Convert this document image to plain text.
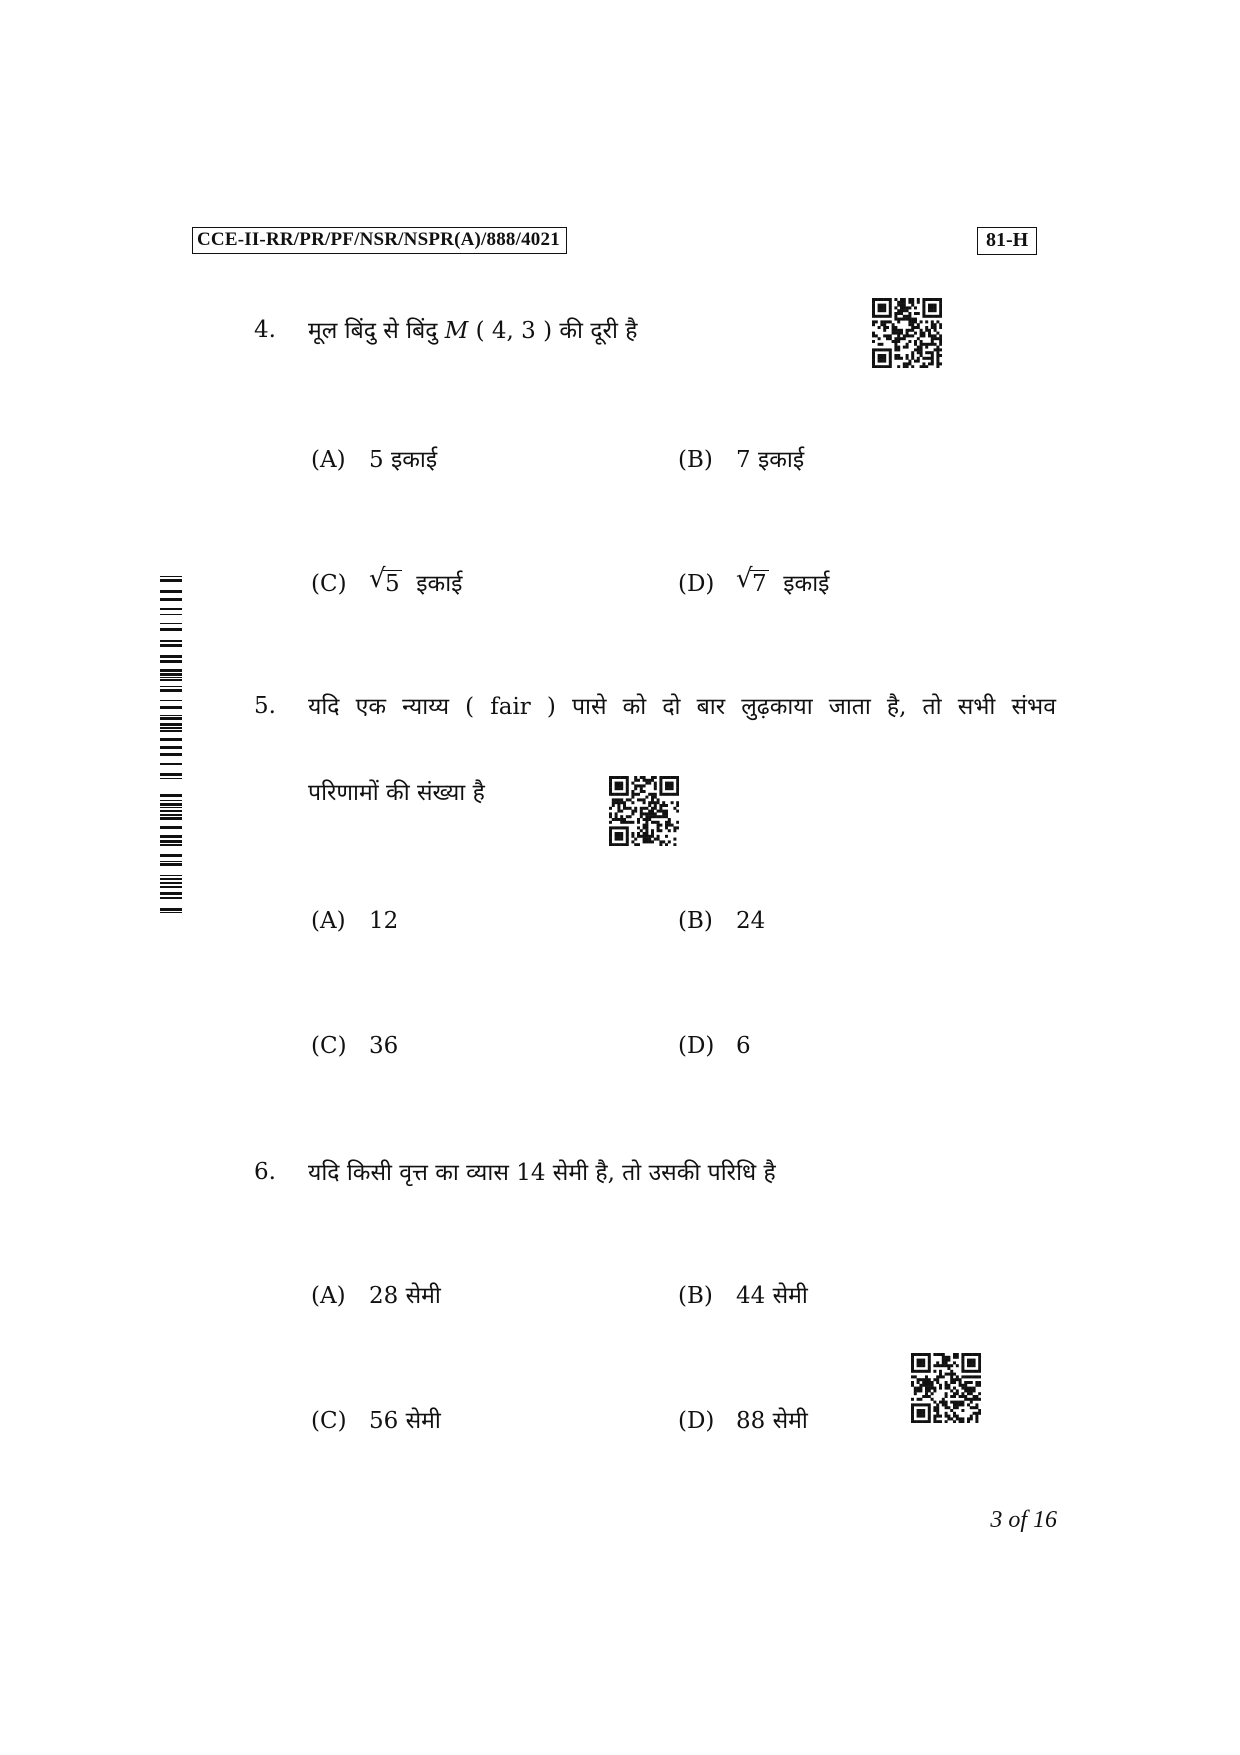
CCE-II-RR/PR/PF/NSR/NSPR(A)/888/4021	81-H
4. मूल बिंदु से बिंदु M ( 4, 3 ) की दूरी है
(A) 5 इकाई	(B) 7 इकाई
(C) √ 5 इकाई	(D) √ 7 इकाई
5. यदि एक न्याय्य ( fair ) पासे को दो बार लुढ़काया जाता है, तो सभी संभव
परिणामों की संख्या है
(A) 12	(B) 24
(C) 36	(D) 6
6. यदि किसी वृत्त का व्यास 14 सेमी है, तो उसकी परिधि है
(A) 28 सेमी	(B) 44 सेमी
(C) 56 सेमी	(D) 88 सेमी
3 of 16
